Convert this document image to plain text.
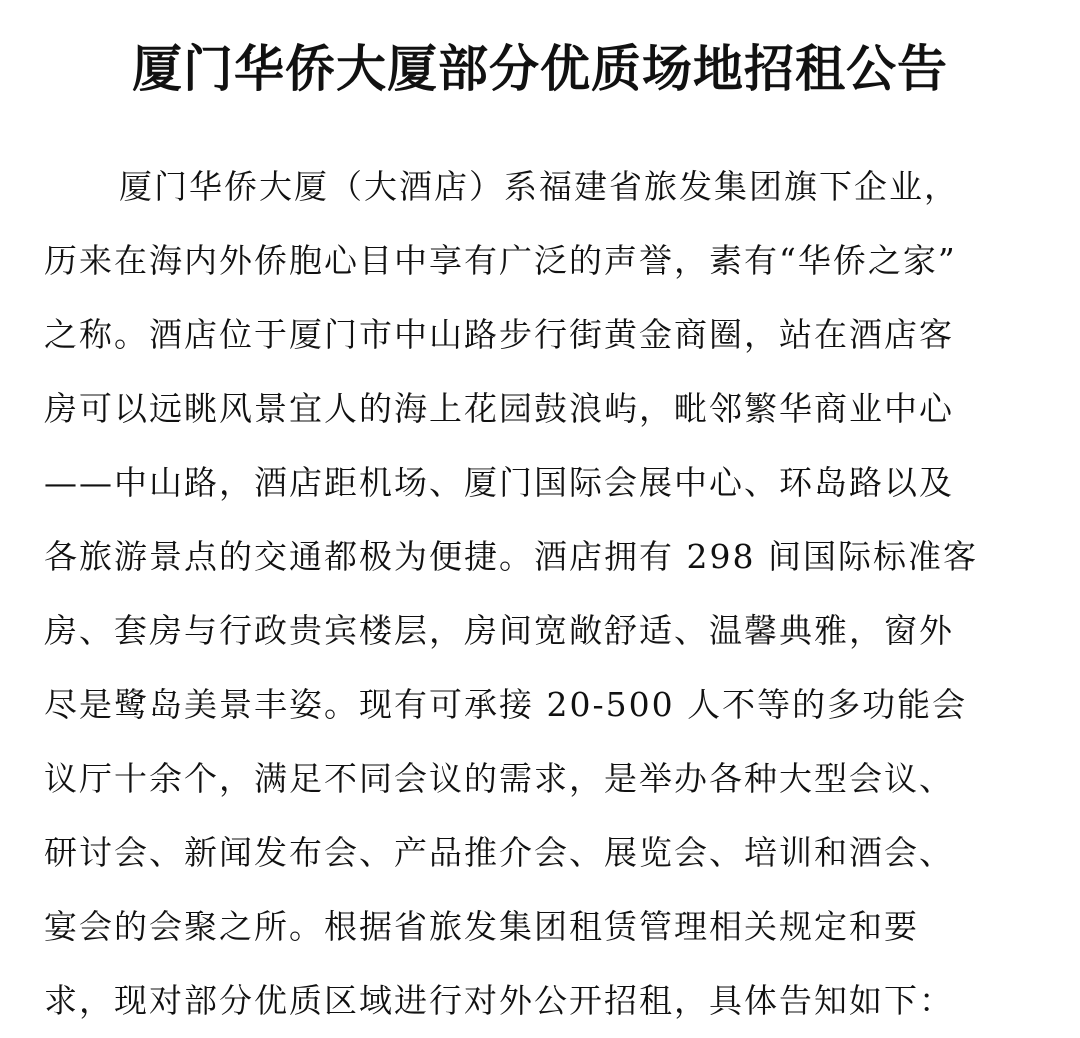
厦门华侨大厦部分优质场地招租公告
厦门华侨大厦（大酒店）系福建省旅发集团旗下企业，
历来在海内外侨胞心目中享有广泛的声誉，素有“华侨之家”
之称。酒店位于厦门市中山路步行街黄金商圈，站在酒店客
房可以远眺风景宜人的海上花园鼓浪屿，毗邻繁华商业中心
——中山路，酒店距机场、厦门国际会展中心、环岛路以及
各旅游景点的交通都极为便捷。酒店拥有 298 间国际标准客
房、套房与行政贵宾楼层，房间宽敞舒适、温馨典雅，窗外
尽是鹭岛美景丰姿。现有可承接 20-500 人不等的多功能会
议厅十余个，满足不同会议的需求，是举办各种大型会议、
研讨会、新闻发布会、产品推介会、展览会、培训和酒会、
宴会的会聚之所。根据省旅发集团租赁管理相关规定和要
求，现对部分优质区域进行对外公开招租，具体告知如下：
